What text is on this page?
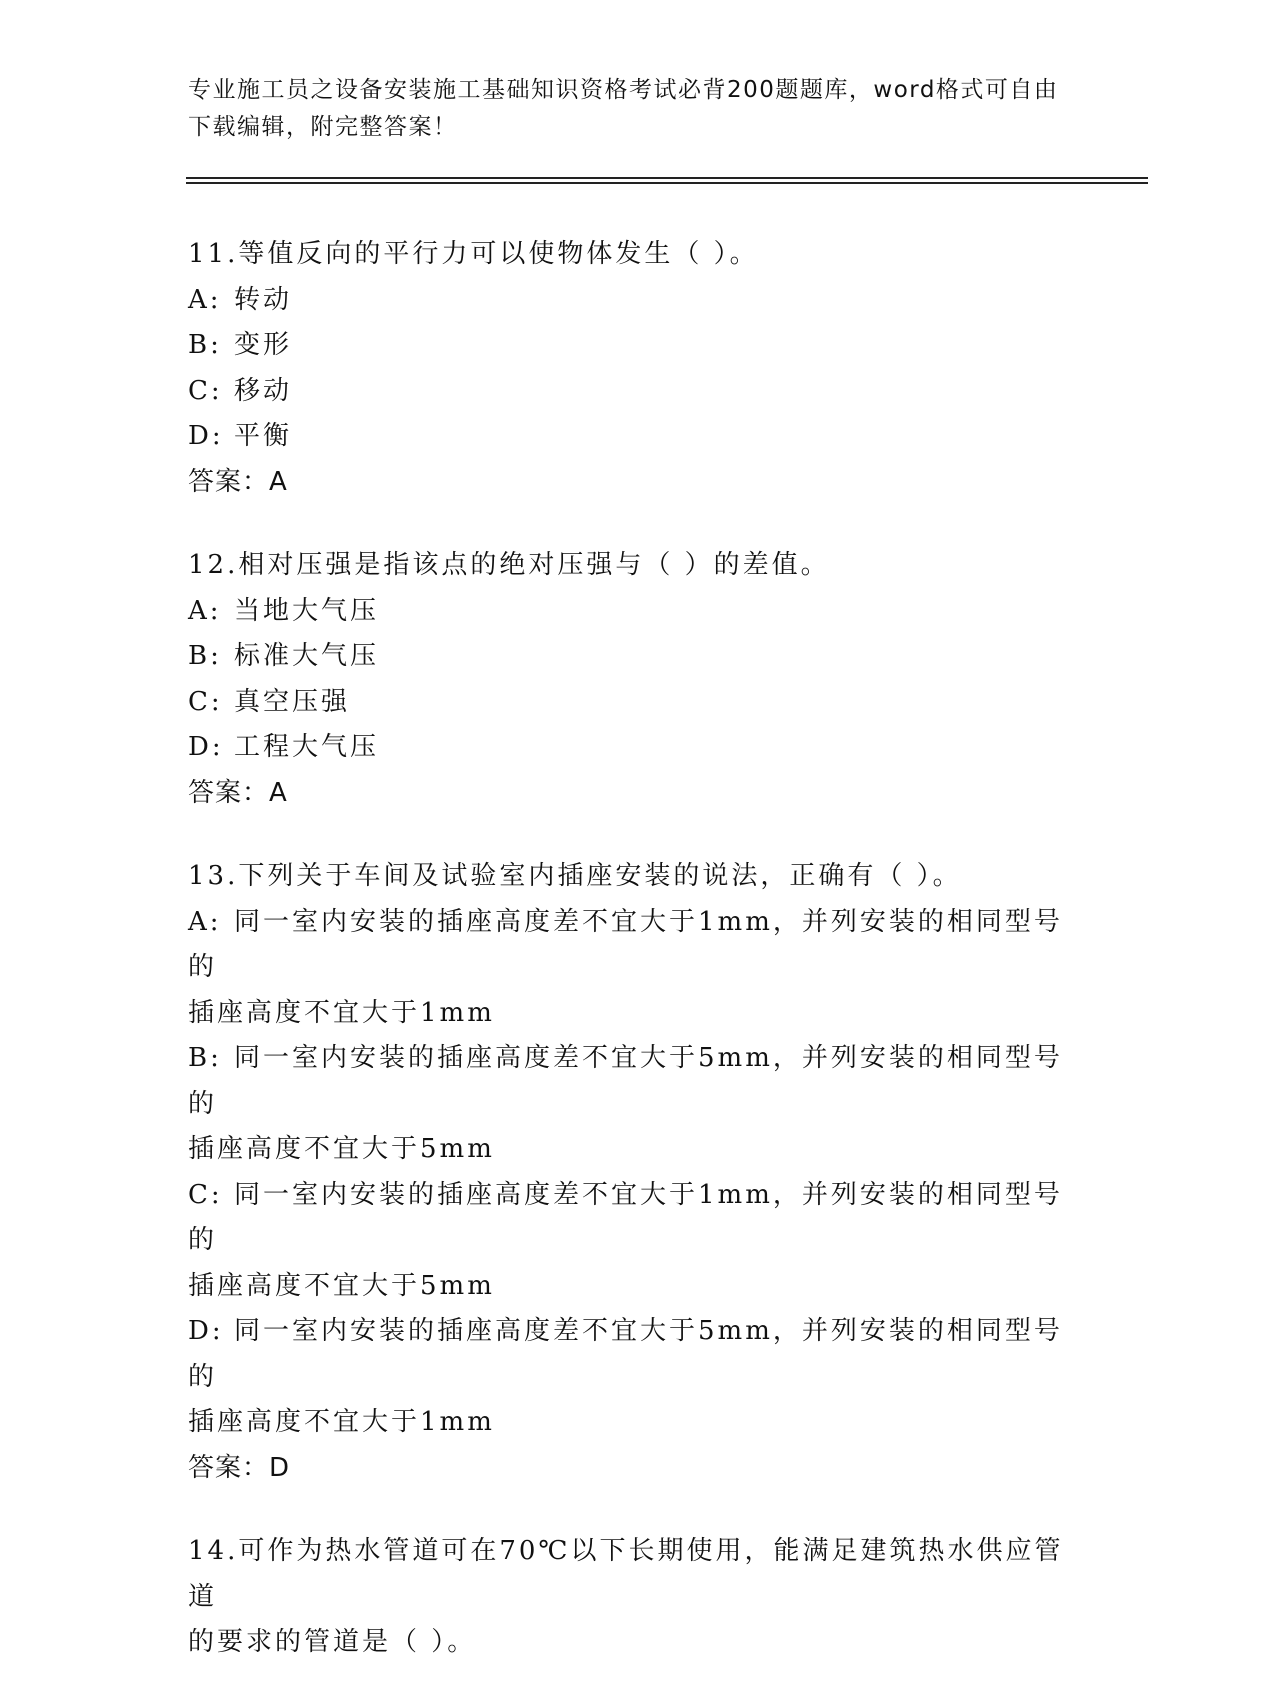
专业施工员之设备安装施工基础知识资格考试必背200题题库，word格式可自由
下载编辑，附完整答案！
11.等值反向的平行力可以使物体发生（ ）。
A: 转动
B: 变形
C: 移动
D: 平衡
答案：A
12.相对压强是指该点的绝对压强与（ ）的差值。
A: 当地大气压
B: 标准大气压
C: 真空压强
D: 工程大气压
答案：A
13.下列关于车间及试验室内插座安装的说法，正确有（ ）。
A: 同一室内安装的插座高度差不宜大于1mm，并列安装的相同型号的
插座高度不宜大于1mm
B: 同一室内安装的插座高度差不宜大于5mm，并列安装的相同型号的
插座高度不宜大于5mm
C: 同一室内安装的插座高度差不宜大于1mm，并列安装的相同型号的
插座高度不宜大于5mm
D: 同一室内安装的插座高度差不宜大于5mm，并列安装的相同型号的
插座高度不宜大于1mm
答案：D
14.可作为热水管道可在70℃以下长期使用，能满足建筑热水供应管道
的要求的管道是（ ）。
